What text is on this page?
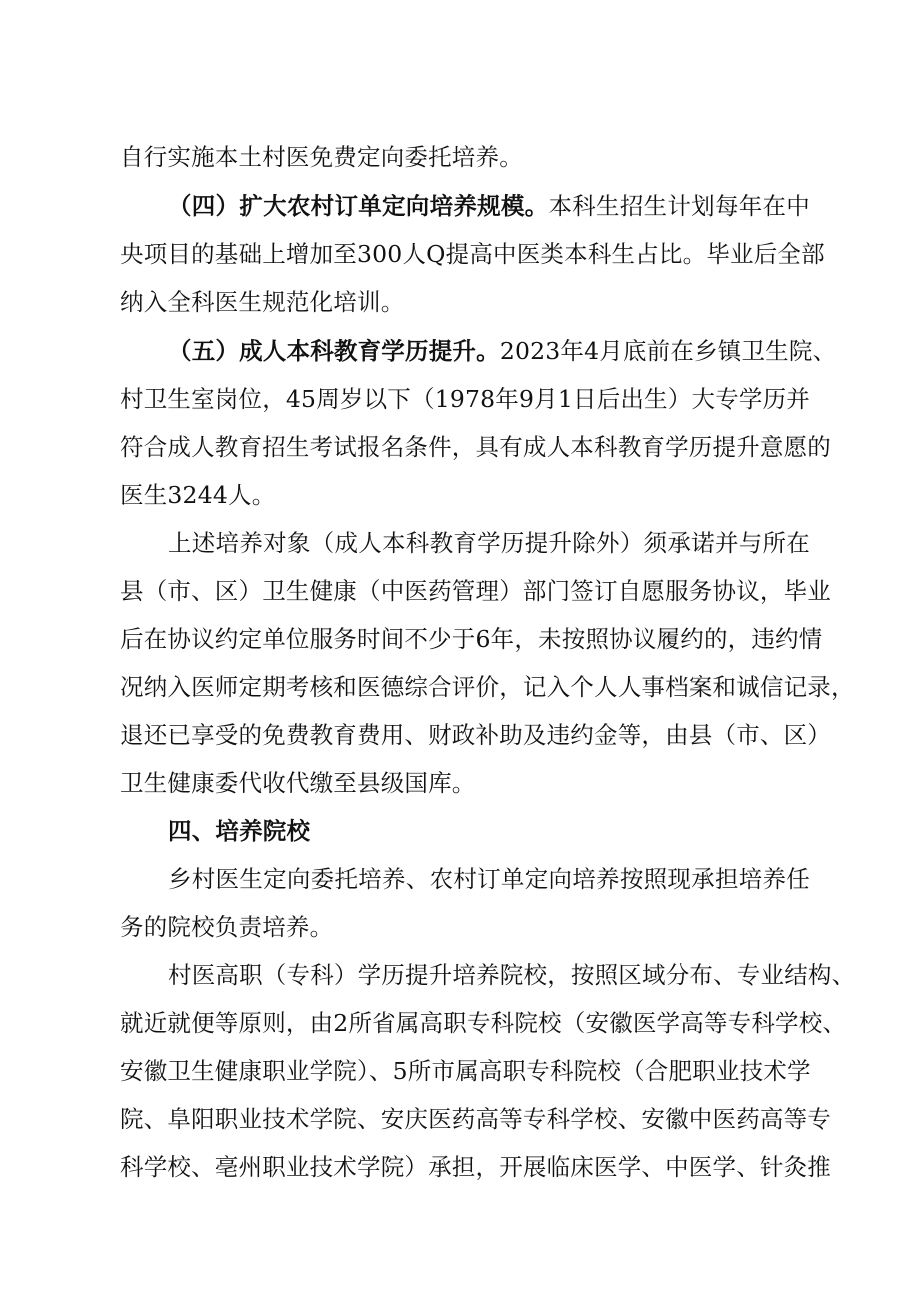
自行实施本土村医免费定向委托培养。
（四）扩大农村订单定向培养规模。本科生招生计划每年在中
央项目的基础上增加至300人Q提高中医类本科生占比。毕业后全部
纳入全科医生规范化培训。
（五）成人本科教育学历提升。2023年4月底前在乡镇卫生院、
村卫生室岗位，45周岁以下（1978年9月1日后出生）大专学历并
符合成人教育招生考试报名条件，具有成人本科教育学历提升意愿的
医生3244人。
上述培养对象（成人本科教育学历提升除外）须承诺并与所在
县（市、区）卫生健康（中医药管理）部门签订自愿服务协议，毕业
后在协议约定单位服务时间不少于6年，未按照协议履约的，违约情
况纳入医师定期考核和医德综合评价，记入个人人事档案和诚信记录，
退还已享受的免费教育费用、财政补助及违约金等，由县（市、区）
卫生健康委代收代缴至县级国库。
四、培养院校
乡村医生定向委托培养、农村订单定向培养按照现承担培养任
务的院校负责培养。
村医高职（专科）学历提升培养院校，按照区域分布、专业结构、
就近就便等原则，由2所省属高职专科院校（安徽医学高等专科学校、
安徽卫生健康职业学院）、5所市属高职专科院校（合肥职业技术学
院、阜阳职业技术学院、安庆医药高等专科学校、安徽中医药高等专
科学校、亳州职业技术学院）承担，开展临床医学、中医学、针灸推
